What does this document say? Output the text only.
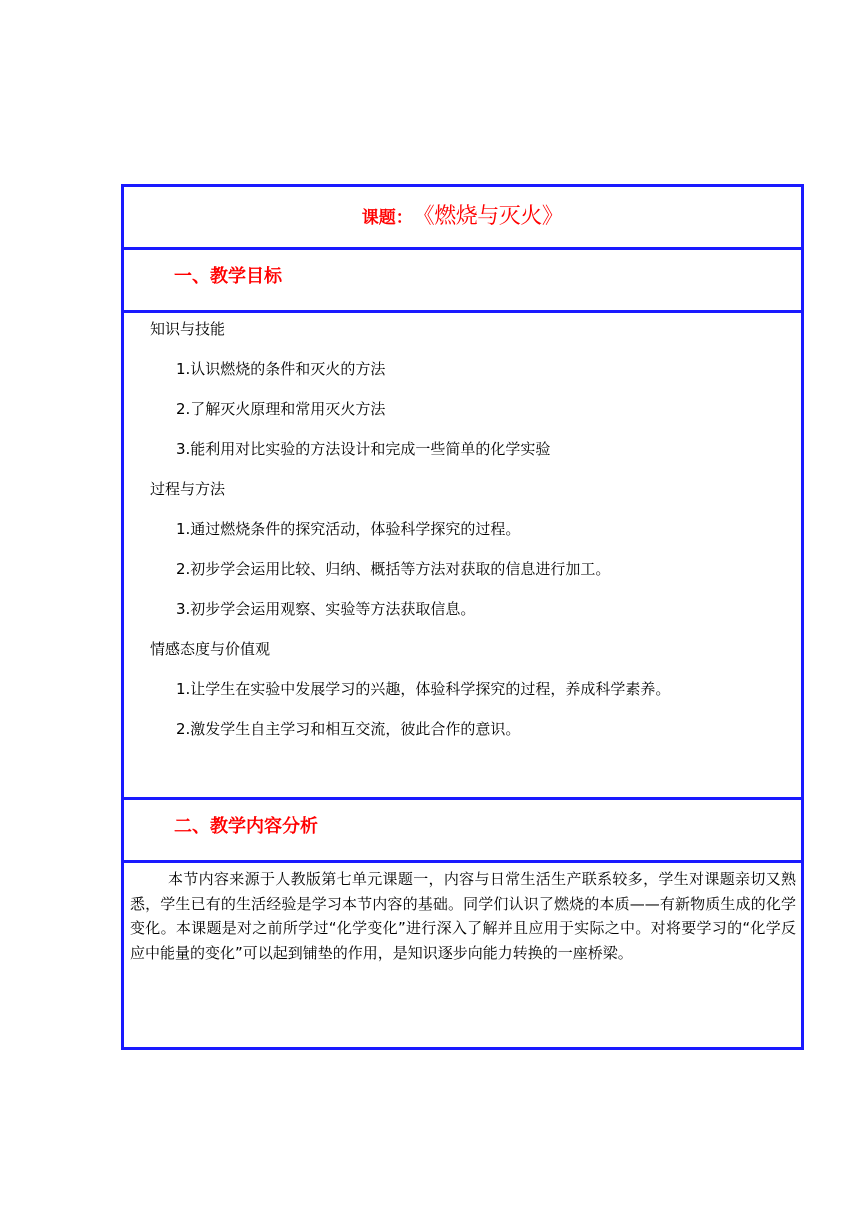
课题： 《燃烧与灭火》
一、教学目标
知识与技能
1.认识燃烧的条件和灭火的方法
2.了解灭火原理和常用灭火方法
3.能利用对比实验的方法设计和完成一些简单的化学实验
过程与方法
1.通过燃烧条件的探究活动，体验科学探究的过程。
2.初步学会运用比较、归纳、概括等方法对获取的信息进行加工。
3.初步学会运用观察、实验等方法获取信息。
情感态度与价值观
1.让学生在实验中发展学习的兴趣，体验科学探究的过程，养成科学素养。
2.激发学生自主学习和相互交流，彼此合作的意识。
二、教学内容分析

本节内容来源于人教版第七单元课题一，内容与日常生活生产联系较多，学生对课题亲切又熟悉，学生已有的生活经验是学习本节内容的基础。同学们认识了燃烧的本质——有新物质生成的化学变化。本课题是对之前所学过“化学变化”进行深入了解并且应用于实际之中。对将要学习的“化学反应中能量的变化”可以起到铺垫的作用，是知识逐步向能力转换的一座桥梁。
